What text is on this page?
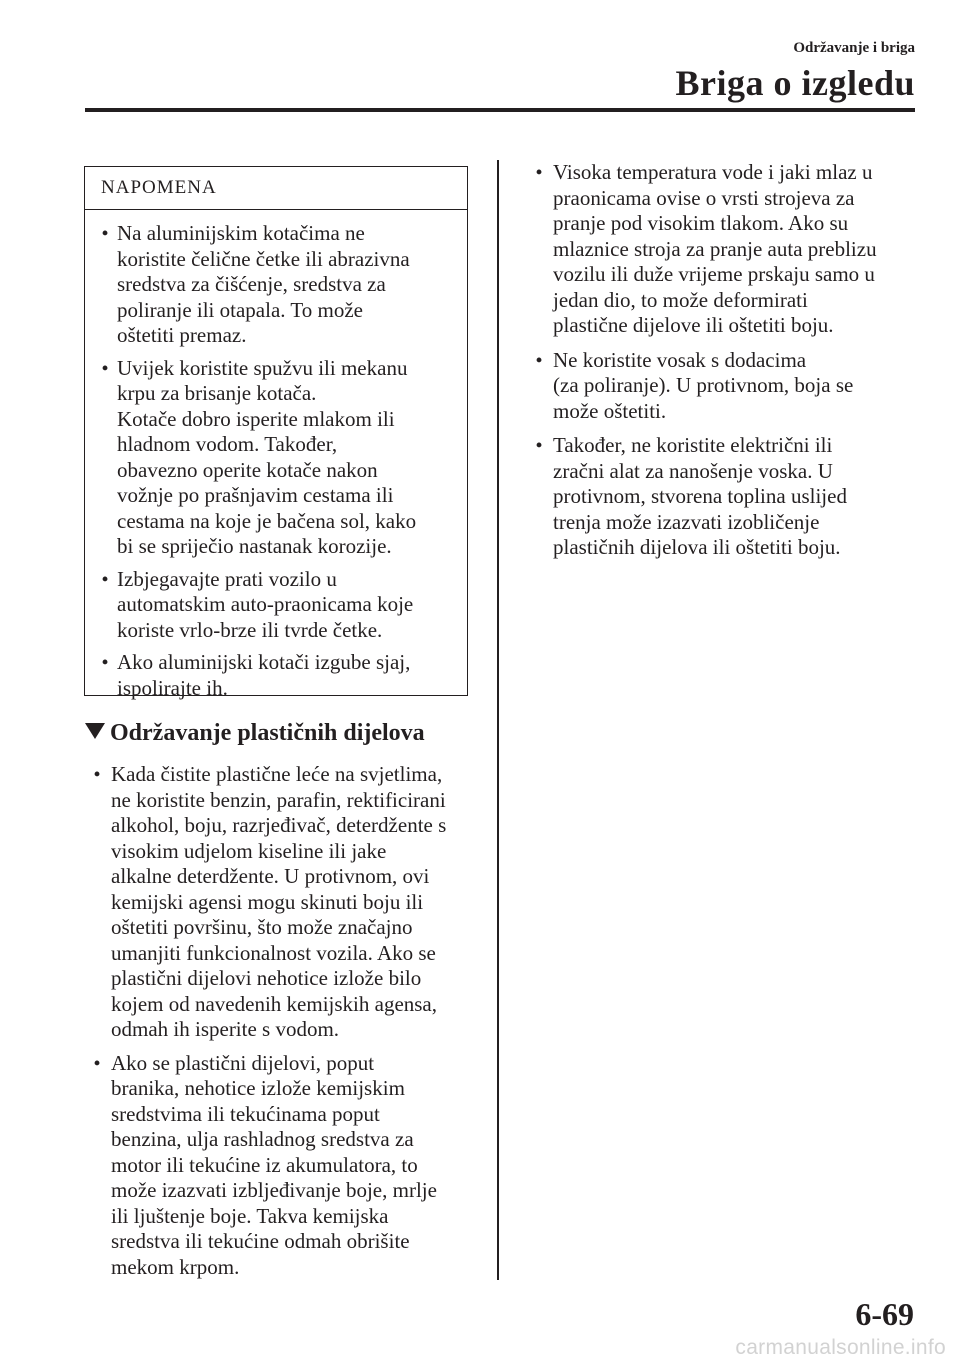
Održavanje i briga
Briga o izgledu
NAPOMENA
• Na aluminijskim kotačima ne
koristite čelične četke ili abrazivna
sredstva za čišćenje, sredstva za
poliranje ili otapala. To može
oštetiti premaz.
• Uvijek koristite spužvu ili mekanu
krpu za brisanje kotača.
Kotače dobro isperite mlakom ili
hladnom vodom. Također,
obavezno operite kotače nakon
vožnje po prašnjavim cestama ili
cestama na koje je bačena sol, kako
bi se spriječio nastanak korozije.
• Izbjegavajte prati vozilo u
automatskim auto-praonicama koje
koriste vrlo-brze ili tvrde četke.
• Ako aluminijski kotači izgube sjaj,
ispolirajte ih.
Održavanje plastičnih dijelova
• Kada čistite plastične leće na svjetlima,
ne koristite benzin, parafin, rektificirani
alkohol, boju, razrjeđivač, deterdžente s
visokim udjelom kiseline ili jake
alkalne deterdžente. U protivnom, ovi
kemijski agensi mogu skinuti boju ili
oštetiti površinu, što može značajno
umanjiti funkcionalnost vozila. Ako se
plastični dijelovi nehotice izlože bilo
kojem od navedenih kemijskih agensa,
odmah ih isperite s vodom.
• Ako se plastični dijelovi, poput
branika, nehotice izlože kemijskim
sredstvima ili tekućinama poput
benzina, ulja rashladnog sredstva za
motor ili tekućine iz akumulatora, to
može izazvati izbljeđivanje boje, mrlje
ili ljuštenje boje. Takva kemijska
sredstva ili tekućine odmah obrišite
mekom krpom.
• Visoka temperatura vode i jaki mlaz u
praonicama ovise o vrsti strojeva za
pranje pod visokim tlakom. Ako su
mlaznice stroja za pranje auta preblizu
vozilu ili duže vrijeme prskaju samo u
jedan dio, to može deformirati
plastične dijelove ili oštetiti boju.
• Ne koristite vosak s dodacima
(za poliranje). U protivnom, boja se
može oštetiti.
• Također, ne koristite električni ili
zračni alat za nanošenje voska. U
protivnom, stvorena toplina uslijed
trenja može izazvati izobličenje
plastičnih dijelova ili oštetiti boju.
6-69
carmanualsonline.info
